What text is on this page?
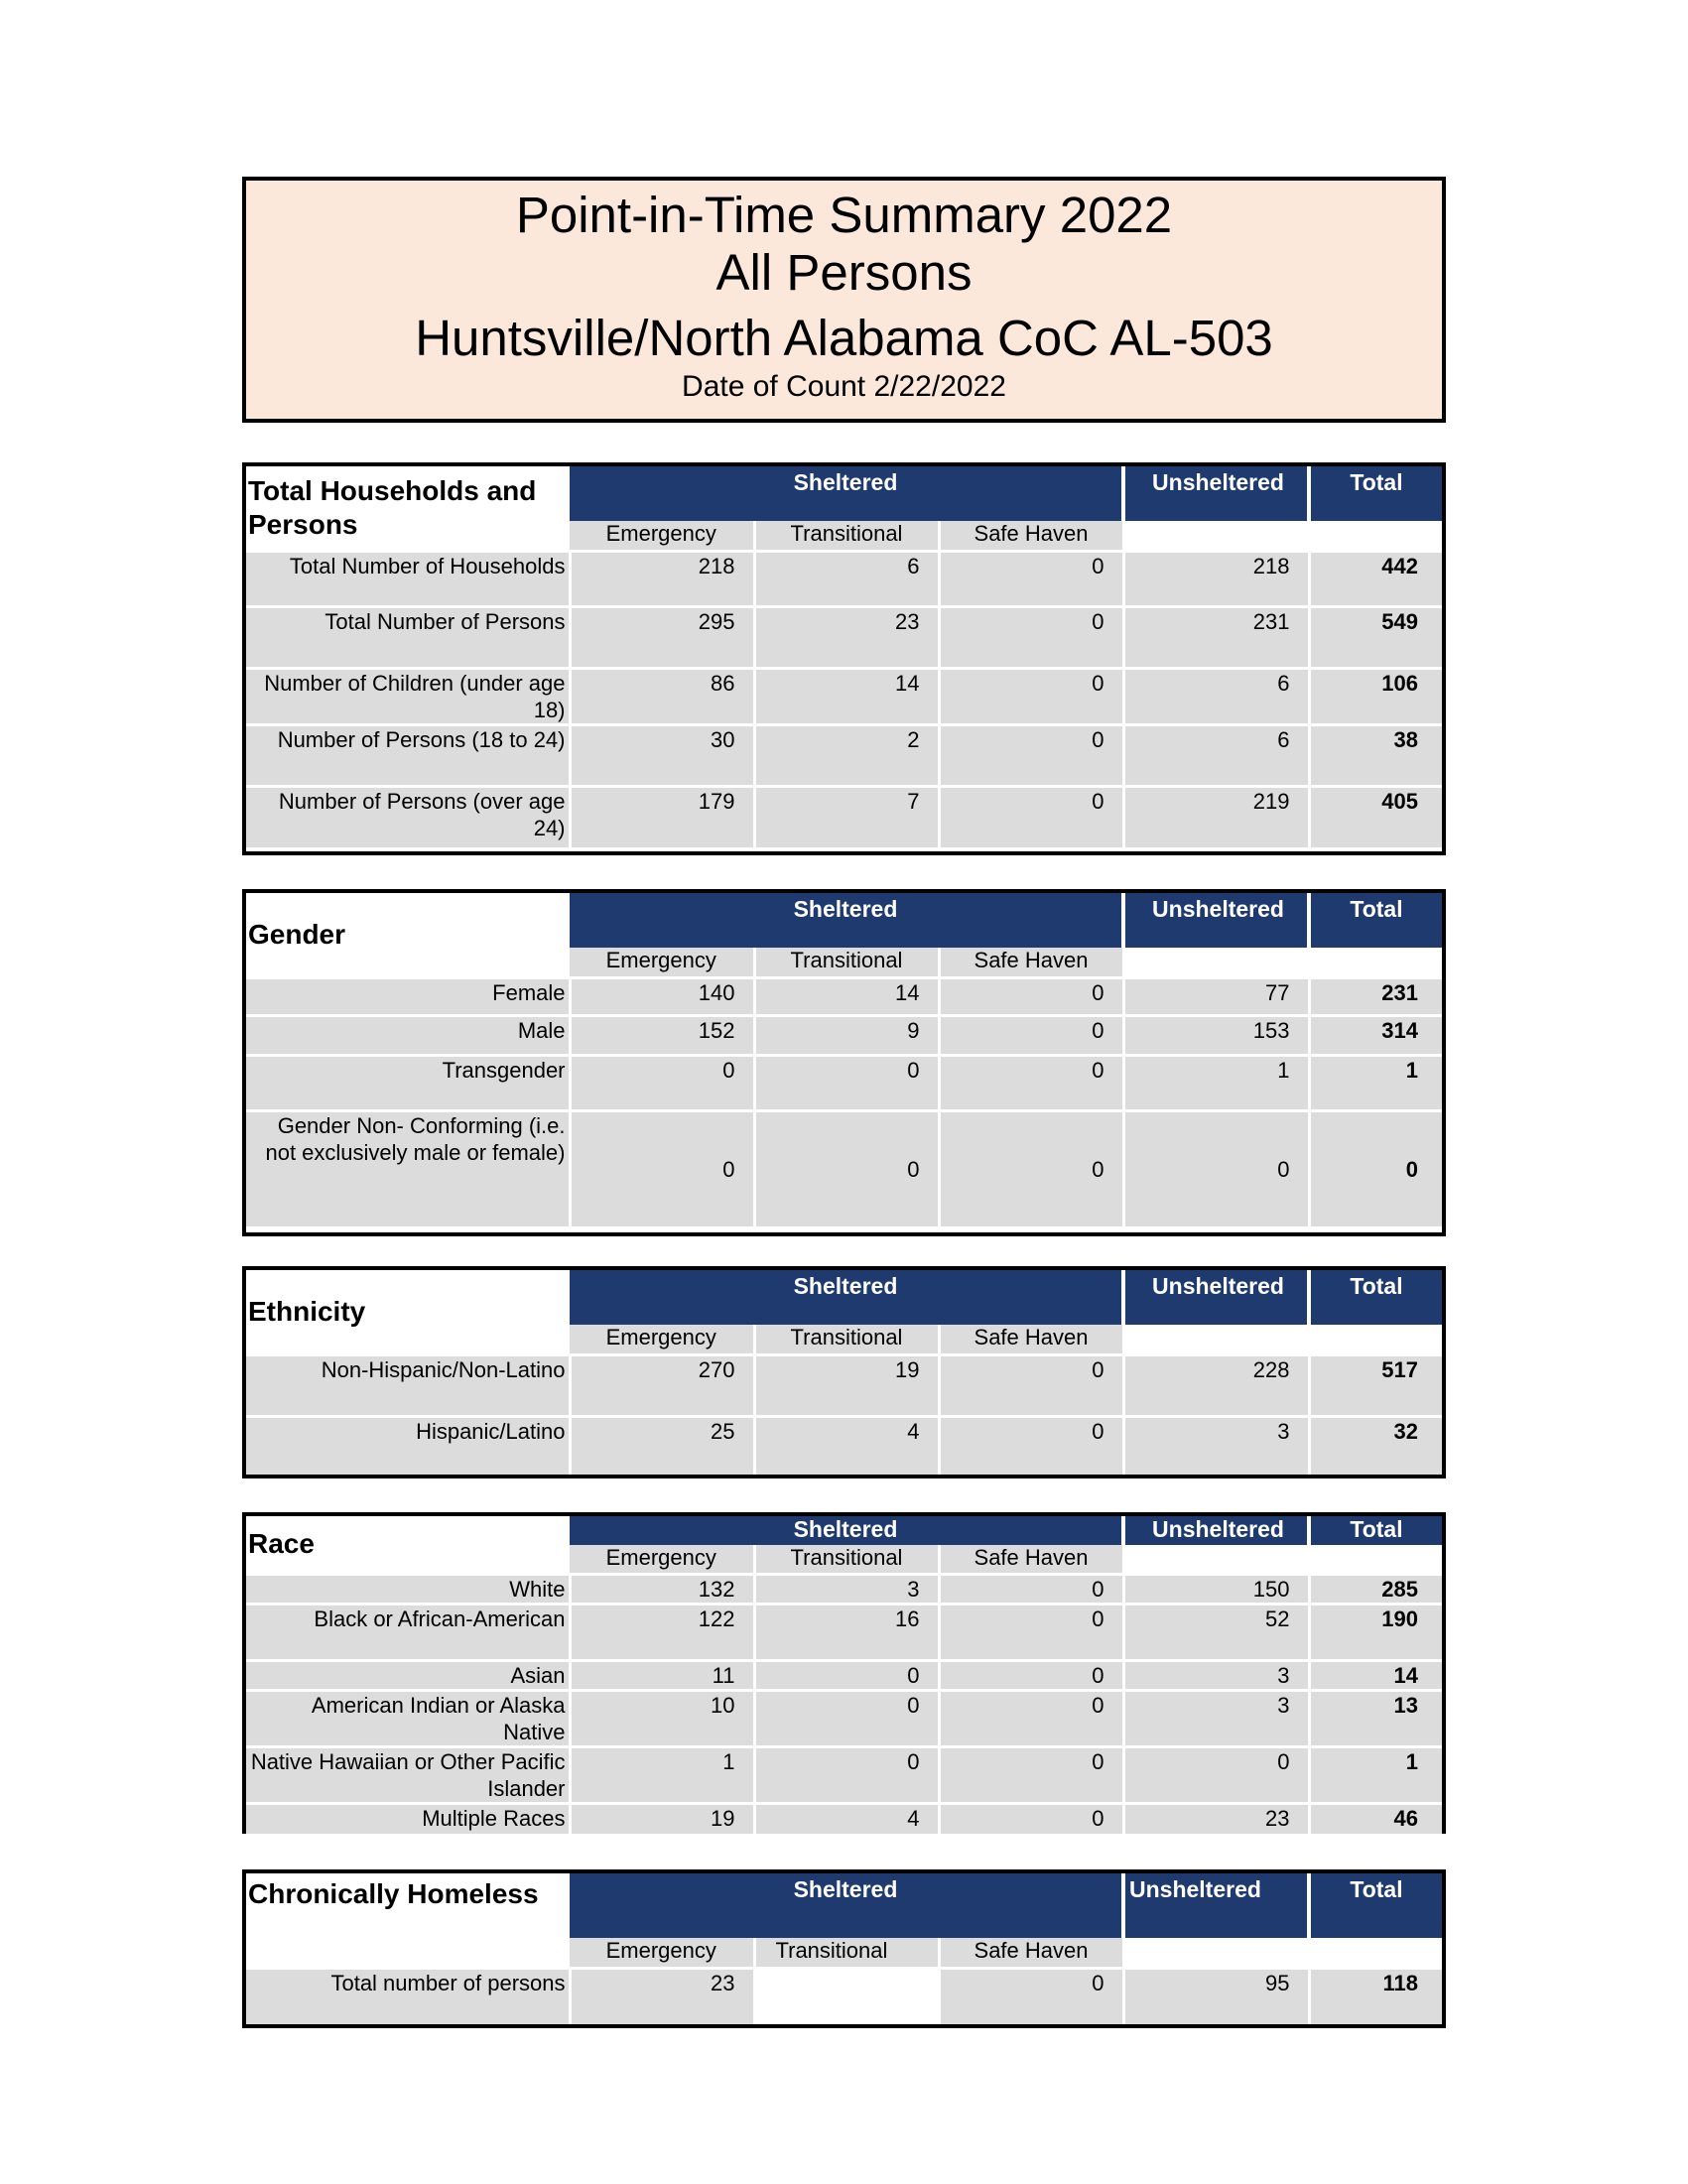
Point-in-Time Summary 2022
All Persons
Huntsville/North Alabama CoC AL-503
Date of Count 2/22/2022
Total Households and Persons	Sheltered			Unsheltered	Total
	Emergency	Transitional	Safe Haven		
Total Number of Households	218	6	0	218	442
Total Number of Persons	295	23	0	231	549
Number of Children (under age 18)	86	14	0	6	106
Number of Persons (18 to 24)	30	2	0	6	38
Number of Persons (over age 24)	179	7	0	219	405
Gender	Sheltered			Unsheltered	Total
	Emergency	Transitional	Safe Haven		
Female	140	14	0	77	231
Male	152	9	0	153	314
Transgender	0	0	0	1	1
Gender Non- Conforming (i.e. not exclusively male or female)	0	0	0	0	0
Ethnicity	Sheltered			Unsheltered	Total
	Emergency	Transitional	Safe Haven		
Non-Hispanic/Non-Latino	270	19	0	228	517
Hispanic/Latino	25	4	0	3	32
Race	Sheltered			Unsheltered	Total
	Emergency	Transitional	Safe Haven		
White	132	3	0	150	285
Black or African-American	122	16	0	52	190
Asian	11	0	0	3	14
American Indian or Alaska Native	10	0	0	3	13
Native Hawaiian or Other Pacific Islander	1	0	0	0	1
Multiple Races	19	4	0	23	46
Chronically Homeless	Sheltered			Unsheltered	Total
	Emergency	Transitional	Safe Haven		
Total number of persons	23		0	95	118
